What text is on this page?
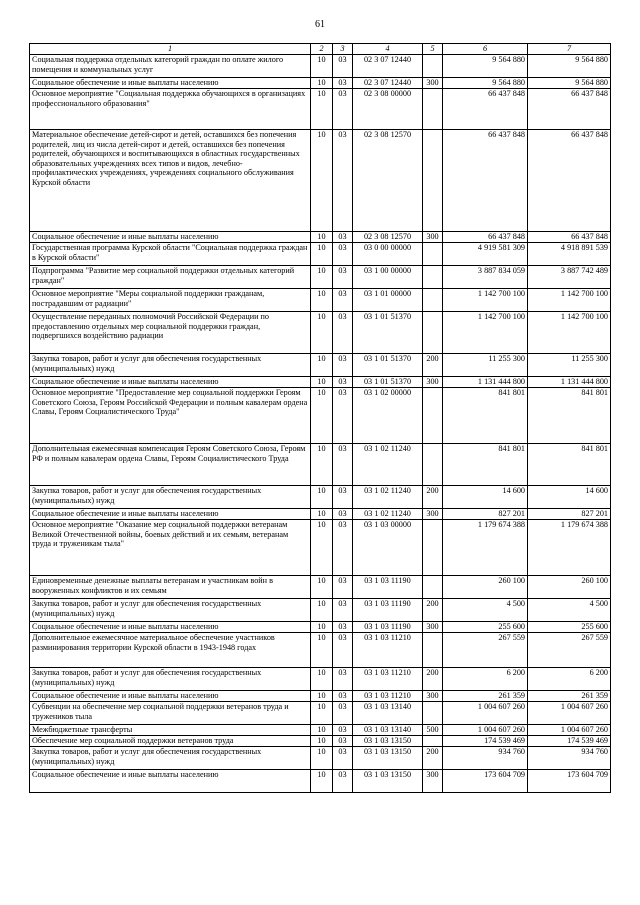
61
1	2	3	4	5	6	7
Социальная поддержка отдельных категорий граждан по оплате жилого помещения и коммунальных услуг	10	03	02 3 07 12440		9 564 880	9 564 880
Социальное обеспечение и иные выплаты населению	10	03	02 3 07 12440	300	9 564 880	9 564 880
Основное мероприятие "Социальная поддержка обучающихся в организациях профессионального образования"	10	03	02 3 08 00000		66 437 848	66 437 848
Материальное обеспечение детей-сирот и детей, оставшихся без попечения родителей, лиц из числа детей-сирот и детей, оставшихся без попечения родителей, обучающихся и воспитывающихся в областных государственных образовательных учреждениях всех типов и видов, лечебно-профилактических учреждениях, учреждениях социального обслуживания Курской области	10	03	02 3 08 12570		66 437 848	66 437 848
Социальное обеспечение и иные выплаты населению	10	03	02 3 08 12570	300	66 437 848	66 437 848
Государственная программа Курской области "Социальная поддержка граждан в Курской области"	10	03	03 0 00 00000		4 919 581 309	4 918 891 539
Подпрограмма "Развитие мер социальной поддержки отдельных категорий граждан"	10	03	03 1 00 00000		3 887 834 059	3 887 742 489
Основное мероприятие "Меры социальной поддержки гражданам, пострадавшим от радиации"	10	03	03 1 01 00000		1 142 700 100	1 142 700 100
Осуществление переданных полномочий Российской Федерации по предоставлению отдельных мер социальной поддержки граждан, подвергшихся воздействию радиации	10	03	03 1 01 51370		1 142 700 100	1 142 700 100
Закупка товаров, работ и услуг для обеспечения государственных (муниципальных) нужд	10	03	03 1 01 51370	200	11 255 300	11 255 300
Социальное обеспечение и иные выплаты населению	10	03	03 1 01 51370	300	1 131 444 800	1 131 444 800
Основное мероприятие "Предоставление мер социальной поддержки Героям Советского Союза, Героям Российской Федерации и полным кавалерам ордена Славы, Героям Социалистического Труда"	10	03	03 1 02 00000		841 801	841 801
Дополнительная ежемесячная компенсация Героям Советского Союза, Героям РФ и полным кавалерам ордена Славы, Героям Социалистического Труда	10	03	03 1 02 11240		841 801	841 801
Закупка товаров, работ и услуг для обеспечения государственных (муниципальных) нужд	10	03	03 1 02 11240	200	14 600	14 600
Социальное обеспечение и иные выплаты населению	10	03	03 1 02 11240	300	827 201	827 201
Основное мероприятие "Оказание мер социальной поддержки ветеранам Великой Отечественной войны, боевых действий и их семьям, ветеранам труда и труженикам тыла"	10	03	03 1 03 00000		1 179 674 388	1 179 674 388
Единовременные денежные выплаты ветеранам и участникам войн в вооруженных конфликтов и их семьям	10	03	03 1 03 11190		260 100	260 100
Закупка товаров, работ и услуг для обеспечения государственных (муниципальных) нужд	10	03	03 1 03 11190	200	4 500	4 500
Социальное обеспечение и иные выплаты населению	10	03	03 1 03 11190	300	255 600	255 600
Дополнительное ежемесячное материальное обеспечение участников разминирования территории Курской области в 1943-1948 годах	10	03	03 1 03 11210		267 559	267 559
Закупка товаров, работ и услуг для обеспечения государственных (муниципальных) нужд	10	03	03 1 03 11210	200	6 200	6 200
Социальное обеспечение и иные выплаты населению	10	03	03 1 03 11210	300	261 359	261 359
Субвенции на обеспечение мер социальной поддержки ветеранов труда и тружеников тыла	10	03	03 1 03 13140		1 004 607 260	1 004 607 260
Межбюджетные трансферты	10	03	03 1 03 13140	500	1 004 607 260	1 004 607 260
Обеспечение мер социальной поддержки ветеранов труда	10	03	03 1 03 13150		174 539 469	174 539 469
Закупка товаров, работ и услуг для обеспечения государственных (муниципальных) нужд	10	03	03 1 03 13150	200	934 760	934 760
Социальное обеспечение и иные выплаты населению	10	03	03 1 03 13150	300	173 604 709	173 604 709
